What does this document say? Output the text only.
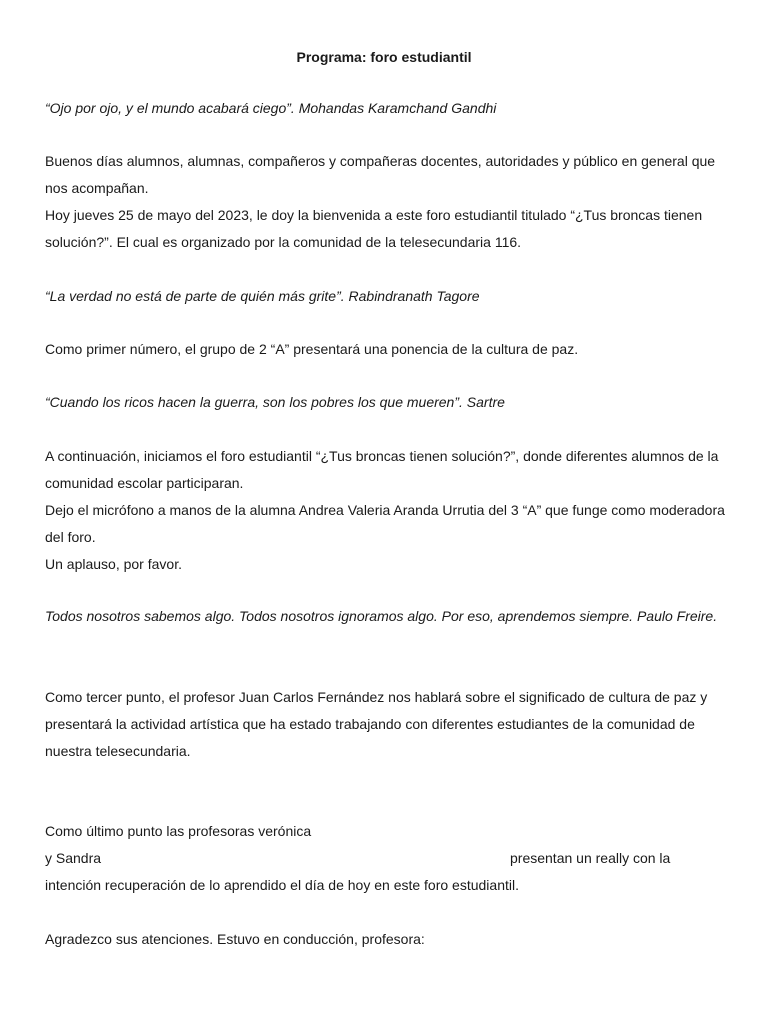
Programa: foro estudiantil

“Ojo por ojo, y el mundo acabará ciego”. Mohandas Karamchand Gandhi

Buenos días alumnos, alumnas, compañeros y compañeras docentes, autoridades y público en general que nos acompañan.

Hoy jueves 25 de mayo del 2023, le doy la bienvenida a este foro estudiantil titulado “¿Tus broncas tienen solución?”. El cual es organizado por la comunidad de la telesecundaria 116.

“La verdad no está de parte de quién más grite”. Rabindranath Tagore

Como primer número, el grupo de 2 “A” presentará una ponencia de la cultura de paz.

“Cuando los ricos hacen la guerra, son los pobres los que mueren”. Sartre

A continuación, iniciamos el foro estudiantil “¿Tus broncas tienen solución?”, donde diferentes alumnos de la comunidad escolar participaran.

Dejo el micrófono a manos de la alumna Andrea Valeria Aranda Urrutia del 3 “A” que funge como moderadora del foro.

Un aplauso, por favor.

Todos nosotros sabemos algo. Todos nosotros ignoramos algo. Por eso, aprendemos siempre. Paulo Freire.

Como tercer punto, el profesor Juan Carlos Fernández nos hablará sobre el significado de cultura de paz y presentará la actividad artística que ha estado trabajando con diferentes estudiantes de la comunidad de nuestra telesecundaria.

Como último punto las profesoras verónica

y Sandra	presentan un really con la

intención recuperación de lo aprendido el día de hoy en este foro estudiantil.

Agradezco sus atenciones. Estuvo en conducción, profesora:
